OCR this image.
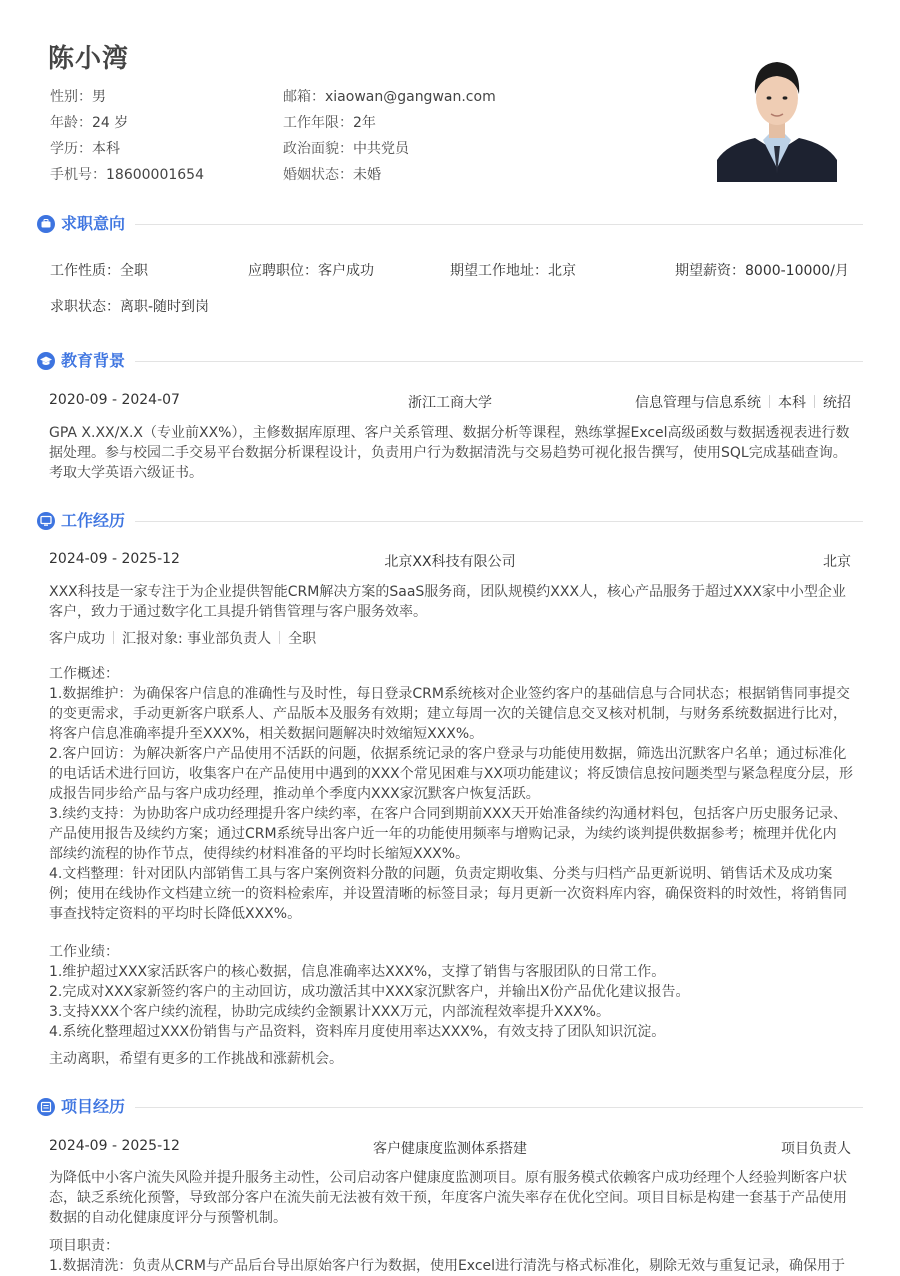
陈小湾
性别：男
年龄：24 岁
学历：本科
手机号：18600001654
邮箱：xiaowan@gangwan.com
工作年限：2年
政治面貌：中共党员
婚姻状态：未婚
求职意向
工作性质：全职	应聘职位：客户成功	期望工作地址：北京	期望薪资：8000-10000/月
求职状态：离职-随时到岗
教育背景
2020-09 - 2024-07	浙江工商大学	信息管理与信息系统 本科 统招
GPA X.XX/X.X（专业前XX%），主修数据库原理、客户关系管理、数据分析等课程，熟练掌握Excel高级函数与数据透视表进行数
据处理。参与校园二手交易平台数据分析课程设计，负责用户行为数据清洗与交易趋势可视化报告撰写，使用SQL完成基础查询。
考取大学英语六级证书。
工作经历
2024-09 - 2025-12	北京XX科技有限公司	北京
XXX科技是一家专注于为企业提供智能CRM解决方案的SaaS服务商，团队规模约XXX人，核心产品服务于超过XXX家中小型企业
客户，致力于通过数字化工具提升销售管理与客户服务效率。
客户成功 汇报对象: 事业部负责人 全职
工作概述：
1.数据维护：为确保客户信息的准确性与及时性，每日登录CRM系统核对企业签约客户的基础信息与合同状态；根据销售同事提交
的变更需求，手动更新客户联系人、产品版本及服务有效期；建立每周一次的关键信息交叉核对机制，与财务系统数据进行比对，
将客户信息准确率提升至XXX%，相关数据问题解决时效缩短XXX%。
2.客户回访：为解决新客户产品使用不活跃的问题，依据系统记录的客户登录与功能使用数据，筛选出沉默客户名单；通过标准化
的电话话术进行回访，收集客户在产品使用中遇到的XXX个常见困难与XX项功能建议；将反馈信息按问题类型与紧急程度分层，形
成报告同步给产品与客户成功经理，推动单个季度内XXX家沉默客户恢复活跃。
3.续约支持：为协助客户成功经理提升客户续约率，在客户合同到期前XXX天开始准备续约沟通材料包，包括客户历史服务记录、
产品使用报告及续约方案；通过CRM系统导出客户近一年的功能使用频率与增购记录，为续约谈判提供数据参考；梳理并优化内
部续约流程的协作节点，使得续约材料准备的平均时长缩短XXX%。
4.文档整理：针对团队内部销售工具与客户案例资料分散的问题，负责定期收集、分类与归档产品更新说明、销售话术及成功案
例；使用在线协作文档建立统一的资料检索库，并设置清晰的标签目录；每月更新一次资料库内容，确保资料的时效性，将销售同
事查找特定资料的平均时长降低XXX%。
工作业绩：
1.维护超过XXX家活跃客户的核心数据，信息准确率达XXX%，支撑了销售与客服团队的日常工作。
2.完成对XXX家新签约客户的主动回访，成功激活其中XXX家沉默客户，并输出X份产品优化建议报告。
3.支持XXX个客户续约流程，协助完成续约金额累计XXX万元，内部流程效率提升XXX%。
4.系统化整理超过XXX份销售与产品资料，资料库月度使用率达XXX%，有效支持了团队知识沉淀。
主动离职，希望有更多的工作挑战和涨薪机会。
项目经历
2024-09 - 2025-12	客户健康度监测体系搭建	项目负责人
为降低中小客户流失风险并提升服务主动性，公司启动客户健康度监测项目。原有服务模式依赖客户成功经理个人经验判断客户状
态，缺乏系统化预警，导致部分客户在流失前无法被有效干预，年度客户流失率存在优化空间。项目目标是构建一套基于产品使用
数据的自动化健康度评分与预警机制。
项目职责：
1.数据清洗：负责从CRM与产品后台导出原始客户行为数据，使用Excel进行清洗与格式标准化，剔除无效与重复记录，确保用于
